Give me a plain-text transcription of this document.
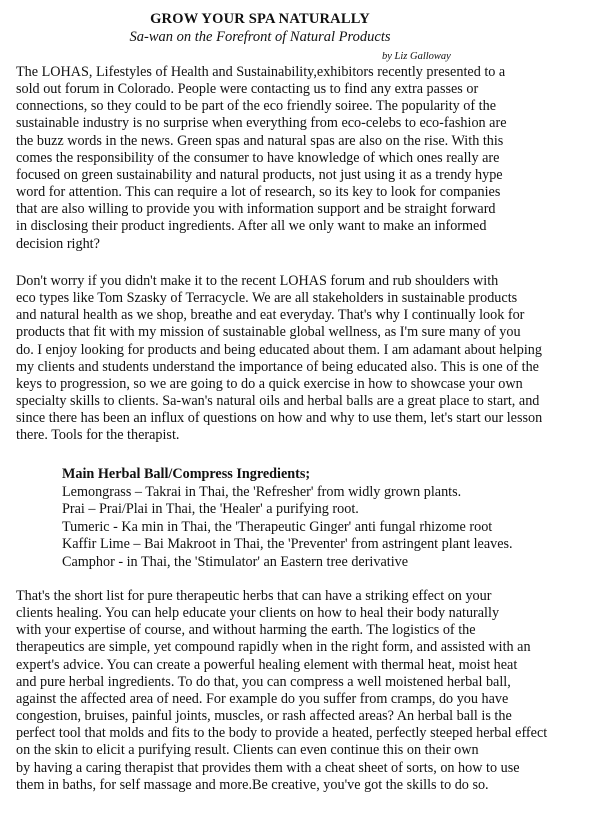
GROW YOUR SPA NATURALLY
Sa-wan on the Forefront of Natural Products
by Liz Galloway
The LOHAS, Lifestyles of Health and Sustainability,exhibitors recently presented to a
sold out forum in Colorado. People were contacting us to find any extra passes or
connections, so they could to be part of the eco friendly soiree. The popularity of the
sustainable industry is no surprise when everything from eco-celebs to eco-fashion are
the buzz words in the news. Green spas and natural spas are also on the rise. With this
comes the responsibility of the consumer to have knowledge of which ones really are
focused on green sustainability and natural products, not just using it as a trendy hype
word for attention. This can require a lot of research, so its key to look for companies
that are also willing to provide you with information support and be straight forward
in disclosing their product ingredients. After all we only want to make an informed
decision right?
Don't worry if you didn't make it to the recent LOHAS forum and rub shoulders with
eco types like Tom Szasky of Terracycle. We are all stakeholders in sustainable products
and natural health as we shop, breathe and eat everyday. That's why I continually look for
products that fit with my mission of sustainable global wellness, as I'm sure many of you
do. I enjoy looking for products and being educated about them. I am adamant about helping
my clients and students understand the importance of being educated also. This is one of the
keys to progression, so we are going to do a quick exercise in how to showcase your own
specialty skills to clients. Sa-wan's natural oils and herbal balls are a great place to start, and
since there has been an influx of questions on how and why to use them, let's start our lesson
there. Tools for the therapist.
Main Herbal Ball/Compress Ingredients;
Lemongrass – Takrai in Thai, the 'Refresher' from widly grown plants.
Prai – Prai/Plai in Thai, the 'Healer' a purifying root.
Tumeric - Ka min in Thai, the 'Therapeutic Ginger' anti fungal rhizome root
Kaffir Lime – Bai Makroot in Thai, the 'Preventer' from astringent plant leaves.
Camphor - in Thai, the 'Stimulator' an Eastern tree derivative
That's the short list for pure therapeutic herbs that can have a striking effect on your
clients healing. You can help educate your clients on how to heal their body naturally
with your expertise of course, and without harming the earth. The logistics of the
therapeutics are simple, yet compound rapidly when in the right form, and assisted with an
expert's advice. You can create a powerful healing element with thermal heat, moist heat
and pure herbal ingredients. To do that, you can compress a well moistened herbal ball,
against the affected area of need. For example do you suffer from cramps, do you have
congestion, bruises, painful joints, muscles, or rash affected areas? An herbal ball is the
perfect tool that molds and fits to the body to provide a heated, perfectly steeped herbal effect
on the skin to elicit a purifying result. Clients can even continue this on their own
by having a caring therapist that provides them with a cheat sheet of sorts, on how to use
them in baths, for self massage and more.Be creative, you've got the skills to do so.
